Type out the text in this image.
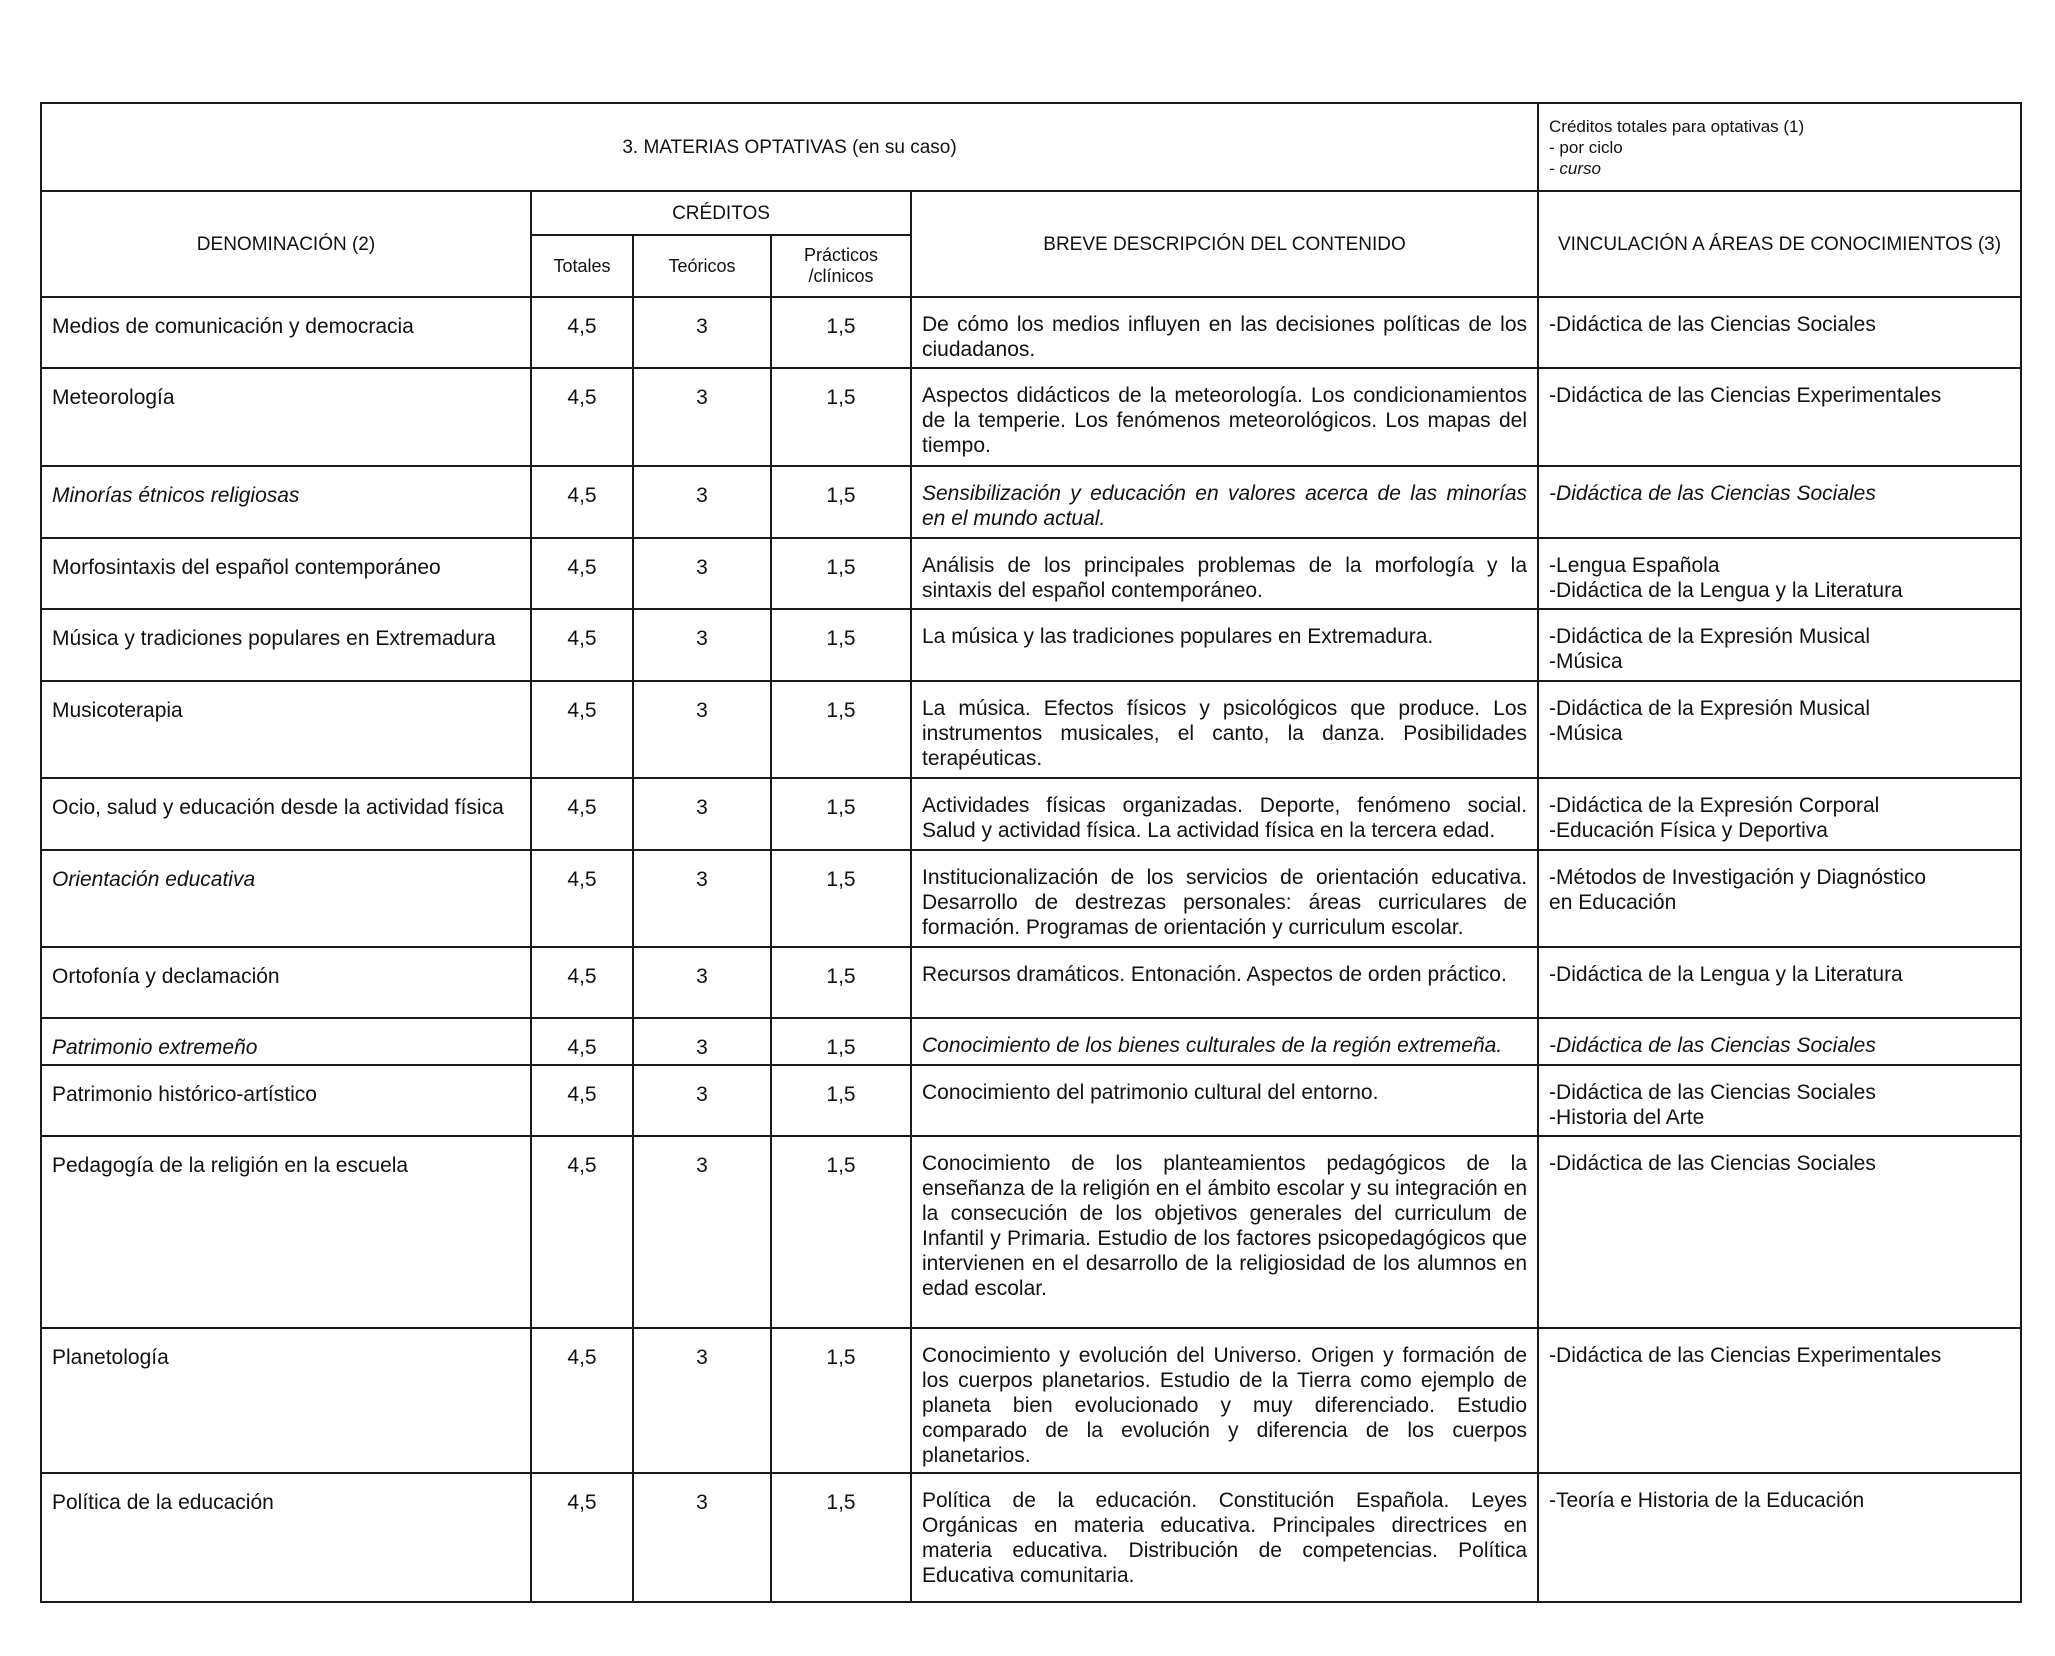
3. MATERIAS OPTATIVAS (en su caso)					Créditos totales para optativas (1)
- por ciclo
- curso

DENOMINACIÓN (2)	CRÉDITOS			BREVE DESCRIPCIÓN DEL CONTENIDO	VINCULACIÓN A ÁREAS DE CONOCIMIENTOS (3)
	Totales	Teóricos	Prácticos /clínicos		
Medios de comunicación y democracia	4,5	3	1,5	De cómo los medios influyen en las decisiones políticas de los ciudadanos.	-Didáctica de las Ciencias Sociales

Meteorología	4,5	3	1,5	Aspectos didácticos de la meteorología. Los condicionamientos de la temperie. Los fenómenos meteorológicos. Los mapas del tiempo.	-Didáctica de las Ciencias Experimentales

Minorías étnicos religiosas	4,5	3	1,5	Sensibilización y educación en valores acerca de las minorías en el mundo actual.	-Didáctica de las Ciencias Sociales

Morfosintaxis del español contemporáneo	4,5	3	1,5	Análisis de los principales problemas de la morfología y la sintaxis del español contemporáneo.	-Lengua Española
-Didáctica de la Lengua y la Literatura

Música y tradiciones populares en Extremadura	4,5	3	1,5	La música y las tradiciones populares en Extremadura.	-Didáctica de la Expresión Musical
-Música

Musicoterapia	4,5	3	1,5	La música. Efectos físicos y psicológicos que produce. Los instrumentos musicales, el canto, la danza. Posibilidades terapéuticas.	-Didáctica de la Expresión Musical
-Música

Ocio, salud y educación desde la actividad física	4,5	3	1,5	Actividades físicas organizadas. Deporte, fenómeno social. Salud y actividad física. La actividad física en la tercera edad.	-Didáctica de la Expresión Corporal
-Educación Física y Deportiva

Orientación educativa	4,5	3	1,5	Institucionalización de los servicios de orientación educativa. Desarrollo de destrezas personales: áreas curriculares de formación. Programas de orientación y curriculum escolar.	-Métodos de Investigación y Diagnóstico
en Educación

Ortofonía y declamación	4,5	3	1,5	Recursos dramáticos. Entonación. Aspectos de orden práctico.	-Didáctica de la Lengua y la Literatura

Patrimonio extremeño	4,5	3	1,5	Conocimiento de los bienes culturales de la región extremeña.	-Didáctica de las Ciencias Sociales

Patrimonio histórico-artístico	4,5	3	1,5	Conocimiento del patrimonio cultural del entorno.	-Didáctica de las Ciencias Sociales
-Historia del Arte

Pedagogía de la religión en la escuela	4,5	3	1,5	Conocimiento de los planteamientos pedagógicos de la enseñanza de la religión en el ámbito escolar y su integración en la consecución de los objetivos generales del curriculum de Infantil y Primaria. Estudio de los factores psicopedagógicos que intervienen en el desarrollo de la religiosidad de los alumnos en edad escolar.	-Didáctica de las Ciencias Sociales

Planetología	4,5	3	1,5	Conocimiento y evolución del Universo. Origen y formación de los cuerpos planetarios. Estudio de la Tierra como ejemplo de planeta bien evolucionado y muy diferenciado. Estudio comparado de la evolución y diferencia de los cuerpos planetarios.	-Didáctica de las Ciencias Experimentales

Política de la educación	4,5	3	1,5	Política de la educación. Constitución Española. Leyes Orgánicas en materia educativa. Principales directrices en materia educativa. Distribución de competencias. Política Educativa comunitaria.	-Teoría e Historia de la Educación
